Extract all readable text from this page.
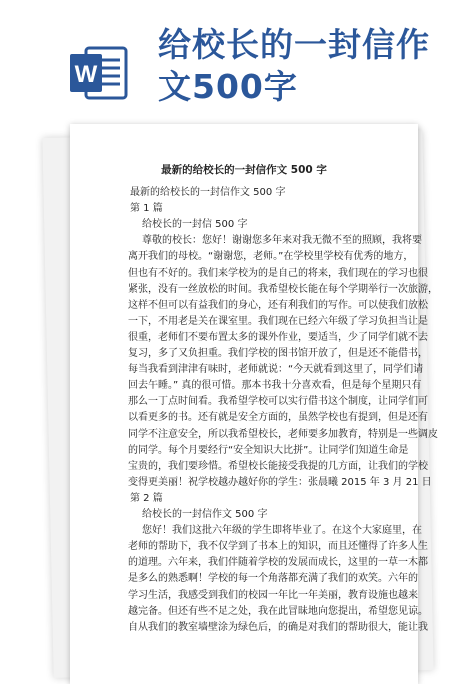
W
给校长的一封信作
文500字
最新的给校长的一封信作文 500 字
最新的给校长的一封信作文 500 字
第 1 篇
给校长的一封信 500 字
尊敬的校长：您好！谢谢您多年来对我无微不至的照顾，我将要
离开我们的母校。“谢谢您，老师。”在学校里学校有优秀的地方，
但也有不好的。我们来学校为的是自己的将来，我们现在的学习也很
紧张，没有一丝放松的时间。我希望校长能在每个学期举行一次旅游，
这样不但可以有益我们的身心，还有利我们的写作。可以使我们放松
一下，不用老是关在课室里。我们现在已经六年级了学习负担当让是
很重，老师们不要布置太多的课外作业，要适当，少了同学们就不去
复习，多了又负担重。我们学校的图书馆开放了，但是还不能借书，
每当我看到津津有味时，老师就说：“今天就看到这里了，同学们请
回去午睡。” 真的很可惜。那本书我十分喜欢看，但是每个星期只有
那么一丁点时间看。我希望学校可以实行借书这个制度，让同学们可
以看更多的书。还有就是安全方面的，虽然学校也有提到，但是还有
同学不注意安全，所以我希望校长，老师要多加教育，特别是一些调皮
的同学。每个月要经行“安全知识大比拼”。让同学们知道生命是
宝贵的，我们要珍惜。希望校长能接受我提的几方面，让我们的学校
变得更美丽！祝学校越办越好你的学生：张晨曦 2015 年 3 月 21 日
第 2 篇
给校长的一封信作文 500 字
您好！我们这批六年级的学生即将毕业了。在这个大家庭里，在
老师的帮助下，我不仅学到了书本上的知识，而且还懂得了许多人生
的道理。六年来，我们伴随着学校的发展而成长，这里的一草一木都
是多么的熟悉啊！学校的每一个角落都充满了我们的欢笑。六年的
学习生活，我感受到我们的校园一年比一年美丽，教育设施也越来
越完备。但还有些不足之处，我在此冒昧地向您提出，希望您见谅。
自从我们的教室墙壁涂为绿色后，的确是对我们的帮助很大，能让我
